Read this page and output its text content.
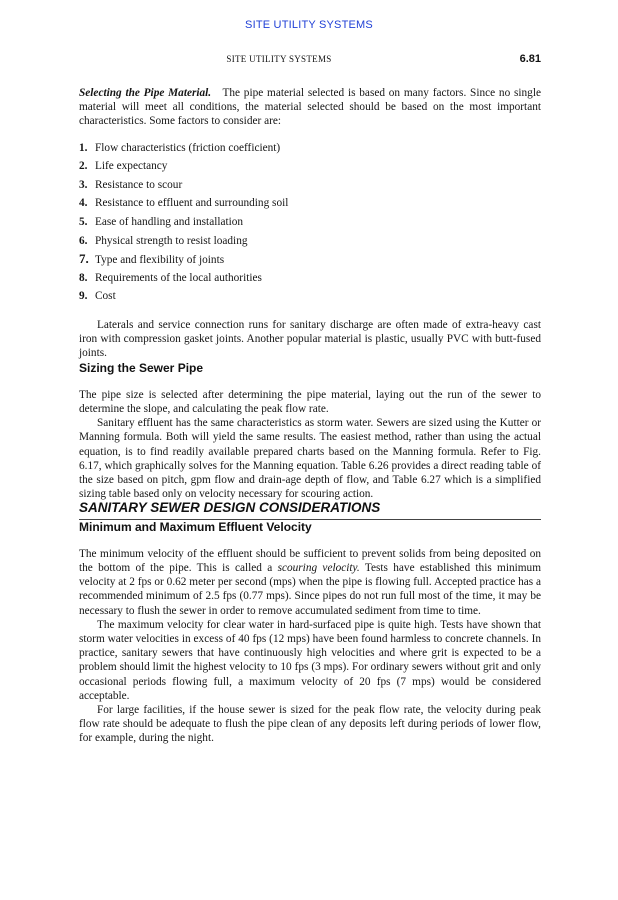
SITE UTILITY SYSTEMS
SITE UTILITY SYSTEMS	6.81

Selecting the Pipe Material. The pipe material selected is based on many factors. Since no single material will meet all conditions, the material selected should be based on the most important characteristics. Some factors to consider are:

1. Flow characteristics (friction coefficient)
2. Life expectancy
3. Resistance to scour
4. Resistance to effluent and surrounding soil
5. Ease of handling and installation
6. Physical strength to resist loading
7. Type and flexibility of joints
8. Requirements of the local authorities
9. Cost

Laterals and service connection runs for sanitary discharge are often made of extra-heavy cast iron with compression gasket joints. Another popular material is plastic, usually PVC with butt-fused joints.

Sizing the Sewer Pipe

The pipe size is selected after determining the pipe material, laying out the run of the sewer to determine the slope, and calculating the peak flow rate.

Sanitary effluent has the same characteristics as storm water. Sewers are sized using the Kutter or Manning formula. Both will yield the same results. The easiest method, rather than using the actual equation, is to find readily available prepared charts based on the Manning formula. Refer to Fig. 6.17, which graphically solves for the Manning equation. Table 6.26 provides a direct reading table of the size based on pitch, gpm flow and drain-age depth of flow, and Table 6.27 which is a simplified sizing table based only on velocity necessary for scouring action.

SANITARY SEWER DESIGN CONSIDERATIONS
Minimum and Maximum Effluent Velocity

The minimum velocity of the effluent should be sufficient to prevent solids from being deposited on the bottom of the pipe. This is called a scouring velocity. Tests have established this minimum velocity at 2 fps or 0.62 meter per second (mps) when the pipe is flowing full. Accepted practice has a recommended minimum of 2.5 fps (0.77 mps). Since pipes do not run full most of the time, it may be necessary to flush the sewer in order to remove accumulated sediment from time to time.

The maximum velocity for clear water in hard-surfaced pipe is quite high. Tests have shown that storm water velocities in excess of 40 fps (12 mps) have been found harmless to concrete channels. In practice, sanitary sewers that have continuously high velocities and where grit is expected to be a problem should limit the highest velocity to 10 fps (3 mps). For ordinary sewers without grit and only occasional periods flowing full, a maximum velocity of 20 fps (7 mps) would be considered acceptable.

For large facilities, if the house sewer is sized for the peak flow rate, the velocity during peak flow rate should be adequate to flush the pipe clean of any deposits left during periods of lower flow, for example, during the night.
